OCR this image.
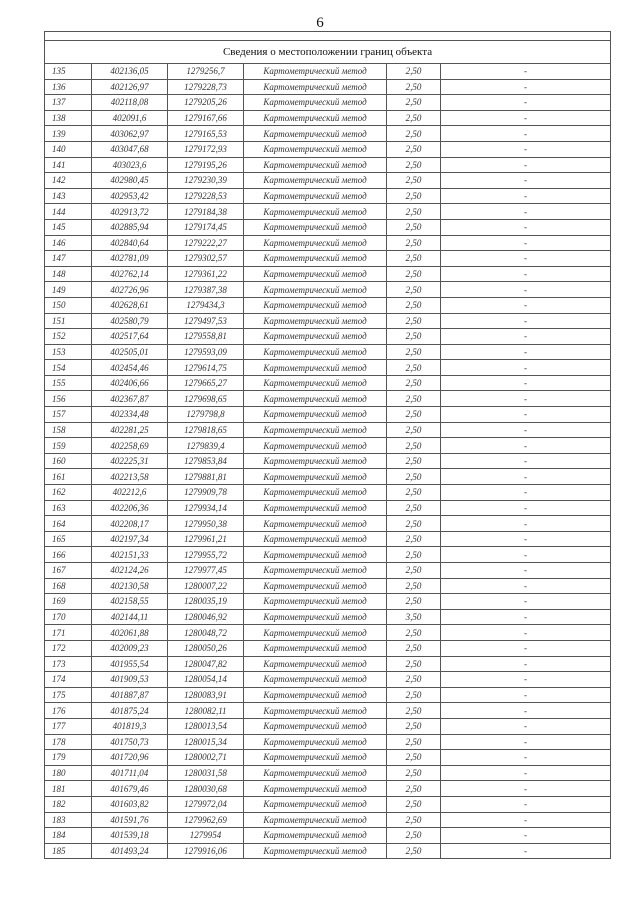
6

Сведения о местоположении границ объекта					
135	402136,05	1279256,7	Картометрический метод	2,50	-
136	402126,97	1279228,73	Картометрический метод	2,50	-
137	402118,08	1279205,26	Картометрический метод	2,50	-
138	402091,6	1279167,66	Картометрический метод	2,50	-
139	403062,97	1279165,53	Картометрический метод	2,50	-
140	403047,68	1279172,93	Картометрический метод	2,50	-
141	403023,6	1279195,26	Картометрический метод	2,50	-
142	402980,45	1279230,39	Картометрический метод	2,50	-
143	402953,42	1279228,53	Картометрический метод	2,50	-
144	402913,72	1279184,38	Картометрический метод	2,50	-
145	402885,94	1279174,45	Картометрический метод	2,50	-
146	402840,64	1279222,27	Картометрический метод	2,50	-
147	402781,09	1279302,57	Картометрический метод	2,50	-
148	402762,14	1279361,22	Картометрический метод	2,50	-
149	402726,96	1279387,38	Картометрический метод	2,50	-
150	402628,61	1279434,3	Картометрический метод	2,50	-
151	402580,79	1279497,53	Картометрический метод	2,50	-
152	402517,64	1279558,81	Картометрический метод	2,50	-
153	402505,01	1279593,09	Картометрический метод	2,50	-
154	402454,46	1279614,75	Картометрический метод	2,50	-
155	402406,66	1279665,27	Картометрический метод	2,50	-
156	402367,87	1279698,65	Картометрический метод	2,50	-
157	402334,48	1279798,8	Картометрический метод	2,50	-
158	402281,25	1279818,65	Картометрический метод	2,50	-
159	402258,69	1279839,4	Картометрический метод	2,50	-
160	402225,31	1279853,84	Картометрический метод	2,50	-
161	402213,58	1279881,81	Картометрический метод	2,50	-
162	402212,6	1279909,78	Картометрический метод	2,50	-
163	402206,36	1279934,14	Картометрический метод	2,50	-
164	402208,17	1279950,38	Картометрический метод	2,50	-
165	402197,34	1279961,21	Картометрический метод	2,50	-
166	402151,33	1279955,72	Картометрический метод	2,50	-
167	402124,26	1279977,45	Картометрический метод	2,50	-
168	402130,58	1280007,22	Картометрический метод	2,50	-
169	402158,55	1280035,19	Картометрический метод	2,50	-
170	402144,11	1280046,92	Картометрический метод	3,50	-
171	402061,88	1280048,72	Картометрический метод	2,50	-
172	402009,23	1280050,26	Картометрический метод	2,50	-
173	401955,54	1280047,82	Картометрический метод	2,50	-
174	401909,53	1280054,14	Картометрический метод	2,50	-
175	401887,87	1280083,91	Картометрический метод	2,50	-
176	401875,24	1280082,11	Картометрический метод	2,50	-
177	401819,3	1280013,54	Картометрический метод	2,50	-
178	401750,73	1280015,34	Картометрический метод	2,50	-
179	401720,96	1280002,71	Картометрический метод	2,50	-
180	401711,04	1280031,58	Картометрический метод	2,50	-
181	401679,46	1280030,68	Картометрический метод	2,50	-
182	401603,82	1279972,04	Картометрический метод	2,50	-
183	401591,76	1279962,69	Картометрический метод	2,50	-
184	401539,18	1279954	Картометрический метод	2,50	-
185	401493,24	1279916,06	Картометрический метод	2,50	-
